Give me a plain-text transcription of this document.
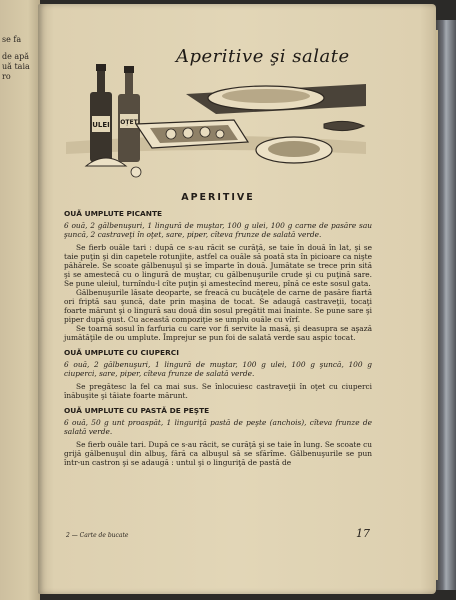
se fa
de apă
uă taia
ro
Aperitive şi salate
ULEI OȚET
APERITIVE
OUĂ UMPLUTE PICANTE

6 ouă, 2 gălbenuşuri, 1 lingură de muştar, 100 g ulei, 100 g carne de pasăre sau şuncă, 2 castraveţi în oţet, sare, piper, cîteva frunze de salată verde.

Se fierb ouăle tari : după ce s-au răcit se curăţă, se taie în două în lat, şi se taie puţin şi din capetele rotunjite, astfel ca ouăle să poată sta în picioare ca nişte păhărele. Se scoate gălbenuşul şi se împarte în două. Jumătate se trece prin sită şi se amestecă cu o lingură de muştar, cu gălbenuşurile crude şi cu puţină sare. Se pune uleiul, turnîndu-l cîte puţin şi amestecînd mereu, pînă ce este sosul gata.

Gălbenuşurile lăsate deoparte, se freacă cu bucăţele de carne de pasăre fiartă ori friptă sau şuncă, date prin maşina de tocat. Se adaugă castraveţii, tocaţi foarte mărunt şi o lingură sau două din sosul pregătit mai înainte. Se pune sare şi piper după gust. Cu această compoziţie se umplu ouăle cu vîrf.

Se toarnă sosul în farfuria cu care vor fi servite la masă, şi deasupra se aşază jumătăţile de ou umplute. Împrejur se pun foi de salată verde sau aspic tocat.

OUĂ UMPLUTE CU CIUPERCI

6 ouă, 2 gălbenuşuri, 1 lingură de muştar, 100 g ulei, 100 g şuncă, 100 g ciuperci, sare, piper, cîteva frunze de salată verde.

Se pregătesc la fel ca mai sus. Se înlocuiesc castraveţii în oţet cu ciuperci înăbuşite şi tăiate foarte mărunt.

OUĂ UMPLUTE CU PASTĂ DE PEŞTE

6 ouă, 50 g unt proaspăt, 1 linguriţă pastă de peşte (anchois), cîteva frunze de salată verde.

Se fierb ouăle tari. După ce s-au răcit, se curăţă şi se taie în lung. Se scoate cu grijă gălbenuşul din albuş, fără ca albuşul să se sfărîme. Gălbenuşurile se pun într-un castron şi se adaugă : untul şi o linguriţă de pastă de

2 — Carte de bucate	17
